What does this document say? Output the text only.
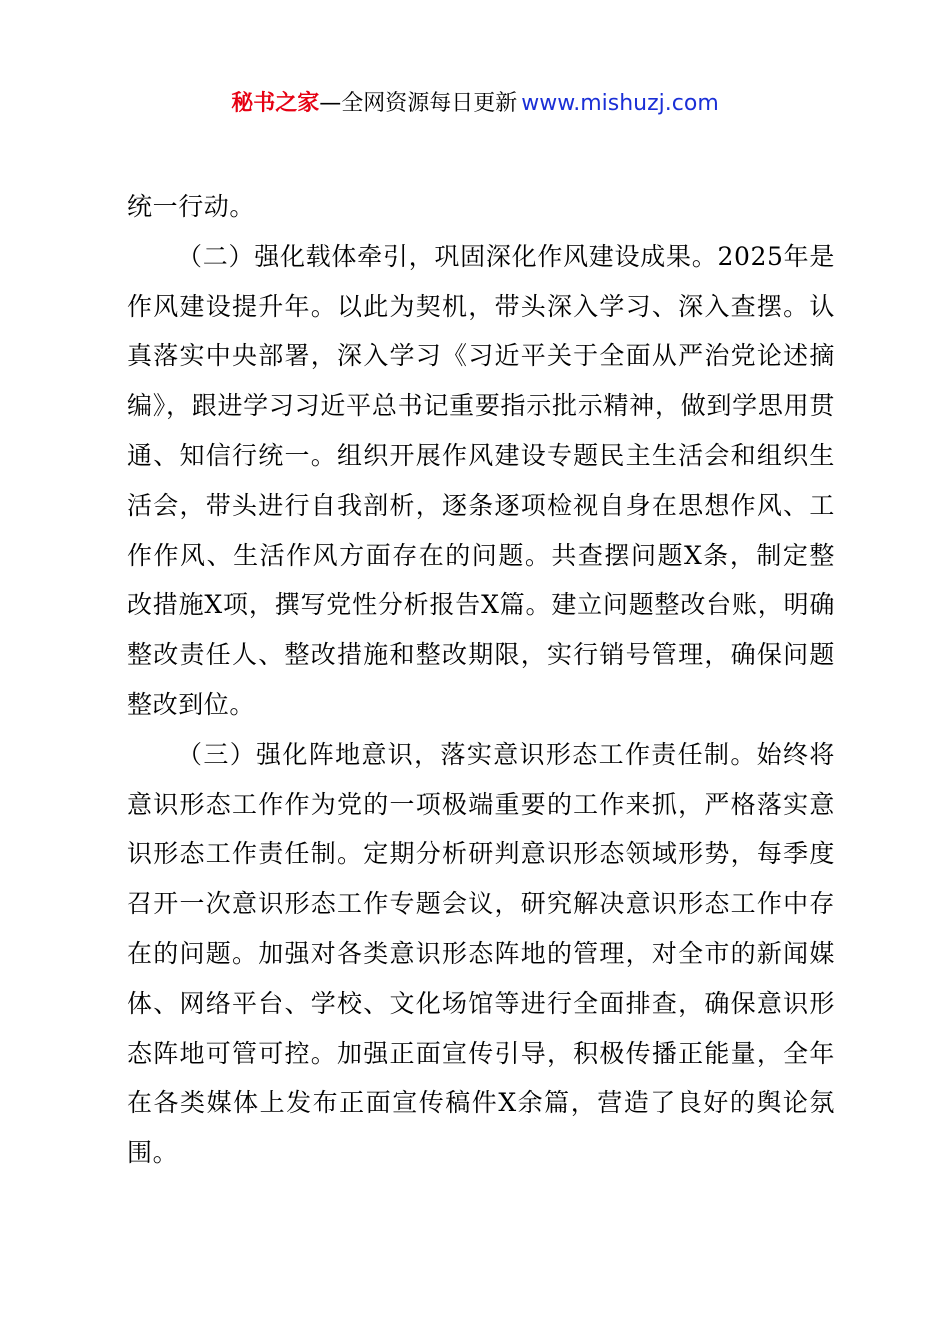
秘书之家—全网资源每日更新 www.mishuzj.com

统一行动。

（二）强化载体牵引，巩固深化作风建设成果。2025年是作风建设提升年。以此为契机，带头深入学习、深入查摆。认真落实中央部署，深入学习《习近平关于全面从严治党论述摘编》，跟进学习习近平总书记重要指示批示精神，做到学思用贯通、知信行统一。组织开展作风建设专题民主生活会和组织生活会，带头进行自我剖析，逐条逐项检视自身在思想作风、工作作风、生活作风方面存在的问题。共查摆问题X条，制定整改措施X项，撰写党性分析报告X篇。建立问题整改台账，明确整改责任人、整改措施和整改期限，实行销号管理，确保问题整改到位。

（三）强化阵地意识，落实意识形态工作责任制。始终将意识形态工作作为党的一项极端重要的工作来抓，严格落实意识形态工作责任制。定期分析研判意识形态领域形势，每季度召开一次意识形态工作专题会议，研究解决意识形态工作中存在的问题。加强对各类意识形态阵地的管理，对全市的新闻媒体、网络平台、学校、文化场馆等进行全面排查，确保意识形态阵地可管可控。加强正面宣传引导，积极传播正能量，全年在各类媒体上发布正面宣传稿件X余篇，营造了良好的舆论氛围。
